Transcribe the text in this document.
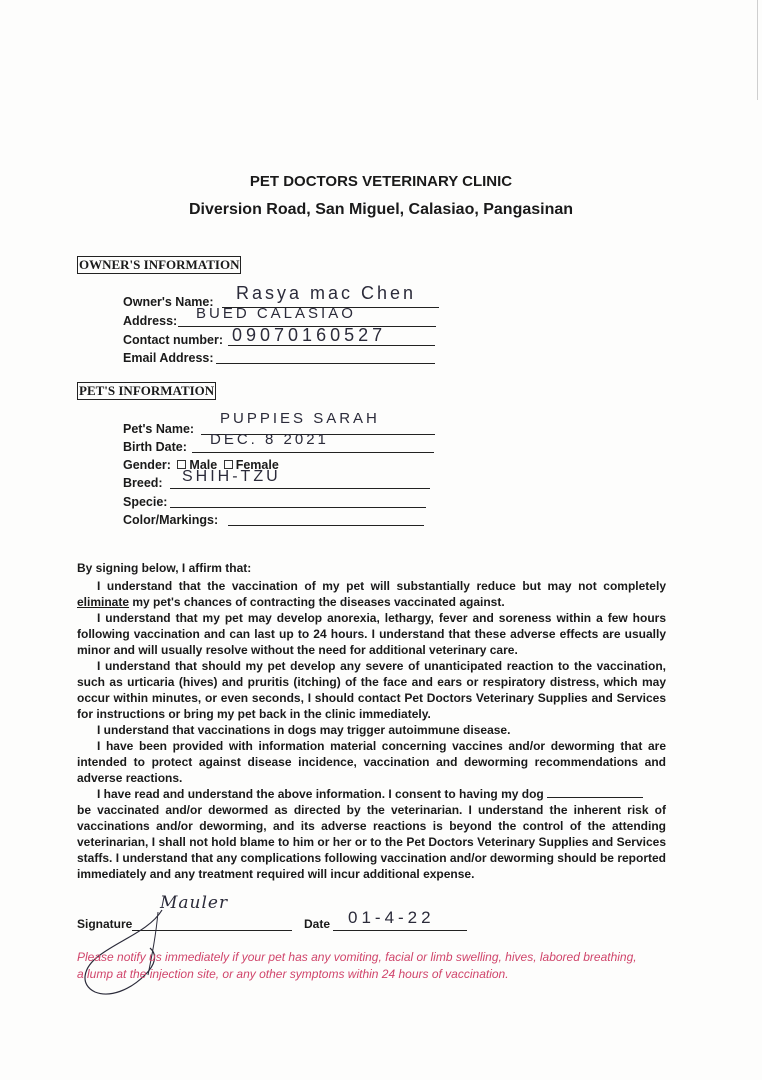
PET DOCTORS VETERINARY CLINIC
Diversion Road, San Miguel, Calasiao, Pangasinan
OWNER'S INFORMATION
Owner's Name: Rasya mac Chen
Address: BUED CALASIAO
Contact number: 09070160527
Email Address:
PET'S INFORMATION
Pet's Name:
PUPPIES SARAH
Birth Date: DEC. 8 2021
Gender: Male Female
Breed: SHIH-TZU
Specie:
Color/Markings:

By signing below, I affirm that:

I understand that the vaccination of my pet will substantially reduce but may not completely eliminate my pet's chances of contracting the diseases vaccinated against.

I understand that my pet may develop anorexia, lethargy, fever and soreness within a few hours following vaccination and can last up to 24 hours. I understand that these adverse effects are usually minor and will usually resolve without the need for additional veterinary care.

I understand that should my pet develop any severe of unanticipated reaction to the vaccination, such as urticaria (hives) and pruritis (itching) of the face and ears or respiratory distress, which may occur within minutes, or even seconds, I should contact Pet Doctors Veterinary Supplies and Services for instructions or bring my pet back in the clinic immediately.

I understand that vaccinations in dogs may trigger autoimmune disease.

I have been provided with information material concerning vaccines and/or deworming that are intended to protect against disease incidence, vaccination and deworming recommendations and adverse reactions.

I have read and understand the above information. I consent to having my dog
be vaccinated and/or dewormed as directed by the veterinarian. I understand the inherent risk of vaccinations and/or deworming, and its adverse reactions is beyond the control of the attending veterinarian, I shall not hold blame to him or her or to the Pet Doctors Veterinary Supplies and Services staffs. I understand that any complications following vaccination and/or deworming should be reported immediately and any treatment required will incur additional expense.

Signature	Date 01-4-22
Mauler

Please notify us immediately if your pet has any vomiting, facial or limb swelling, hives, labored breathing, a lump at the injection site, or any other symptoms within 24 hours of vaccination.
